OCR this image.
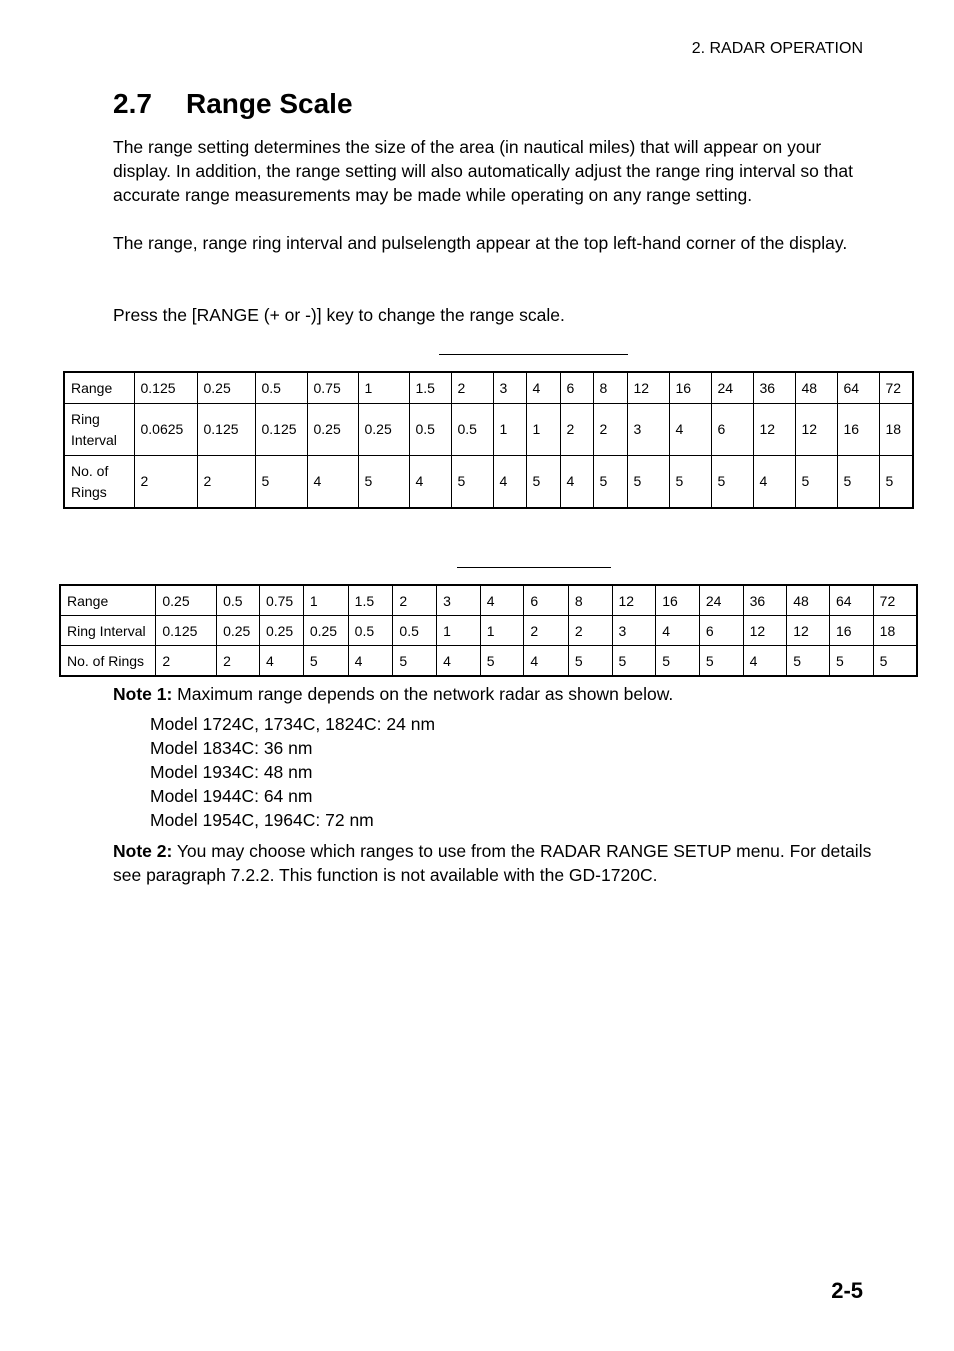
2. RADAR OPERATION
2.7 Range Scale

The range setting determines the size of the area (in nautical miles) that will appear on your display. In addition, the range setting will also automatically adjust the range ring interval so that accurate range measurements may be made while operating on any range setting.

The range, range ring interval and pulselength appear at the top left-hand corner of the display.

Press the [RANGE (+ or -)] key to change the range scale.

Range	0.125	0.25	0.5	0.75	1	1.5	2	3	4	6	8	12	16	24	36	48	64	72
Ring
Interval	0.0625	0.125	0.125	0.25	0.25	0.5	0.5	1	1	2	2	3	4	6	12	12	16	18
No. of
Rings	2	2	5	4	5	4	5	4	5	4	5	5	5	5	4	5	5	5
Range	0.25	0.5	0.75	1	1.5	2	3	4	6	8	12	16	24	36	48	64	72
Ring Interval	0.125	0.25	0.25	0.25	0.5	0.5	1	1	2	2	3	4	6	12	12	16	18
No. of Rings	2	2	4	5	4	5	4	5	4	5	5	5	5	4	5	5	5

Note 1: Maximum range depends on the network radar as shown below.

Model 1724C, 1734C, 1824C: 24 nm
Model 1834C: 36 nm
Model 1934C: 48 nm
Model 1944C: 64 nm
Model 1954C, 1964C: 72 nm

Note 2: You may choose which ranges to use from the RADAR RANGE SETUP menu. For details see paragraph 7.2.2. This function is not available with the GD-1720C.

2-5
